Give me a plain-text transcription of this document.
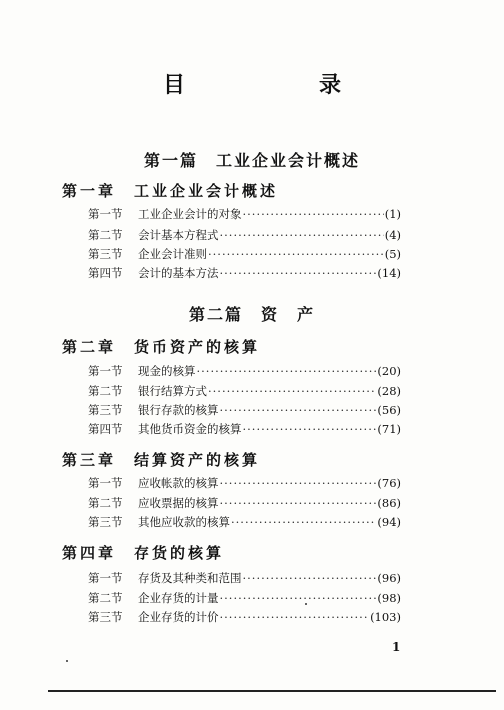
目　录
第一篇　工业企业会计概述
第一章　工业企业会计概述
第一节	工业企业会计的对象 ·····	(1)
第二节	会计基本方程式 ·····	(4)
第三节	企业会计准则 ·····	(5)
第四节	会计的基本方法 ·····	(14)
第二篇　资　产
第二章　货币资产的核算
第一节	现金的核算 ·····	(20)
第二节	银行结算方式 ·····	(28)
第三节	银行存款的核算 ·····	(56)
第四节	其他货币资金的核算 ·····	(71)
第三章　结算资产的核算
第一节	应收帐款的核算 ·····	(76)
第二节	应收票据的核算 ·····	(86)
第三节	其他应收款的核算 ·····	(94)
第四章　存货的核算
第一节	存货及其种类和范围 ·····	(96)
第二节	企业存货的计量 ·····	(98)
第三节	企业存货的计价 ·····	(103)
1
